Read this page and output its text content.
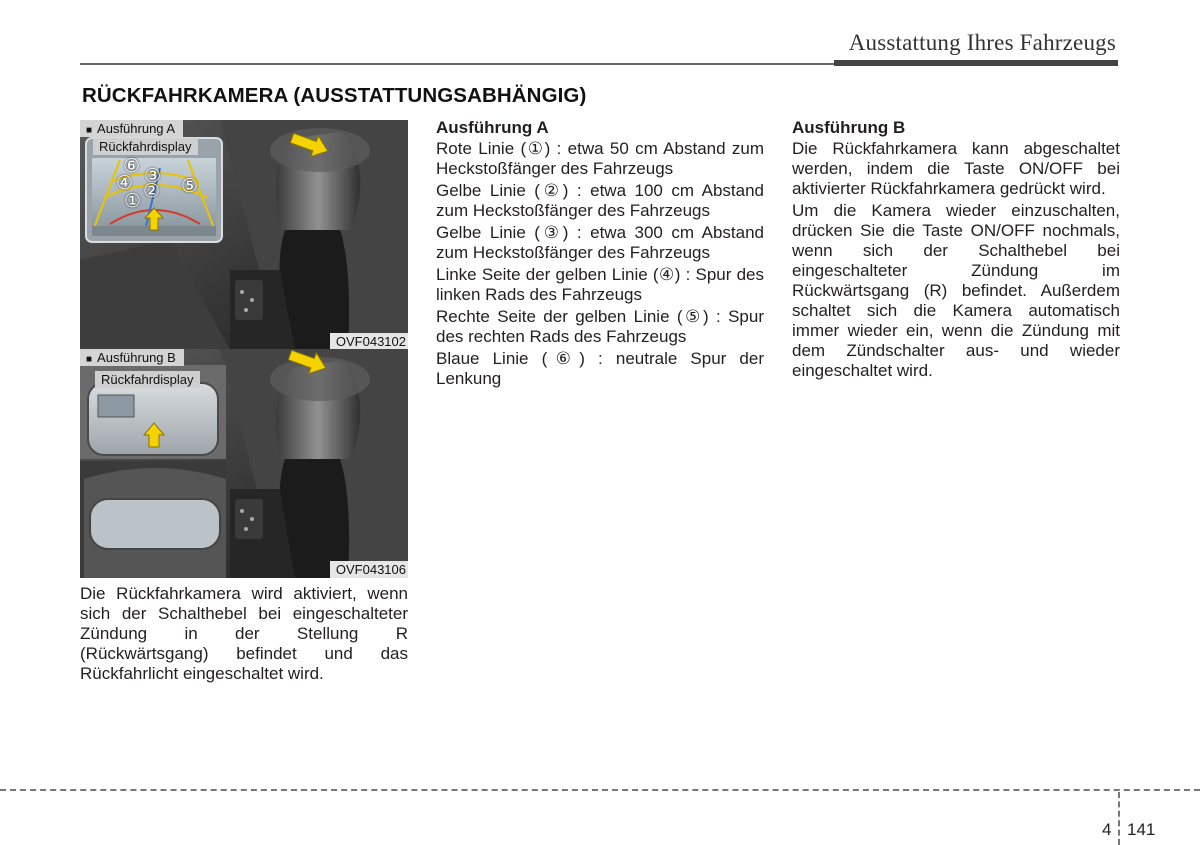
Ausstattung Ihres Fahrzeugs
RÜCKFAHRKAMERA (AUSSTATTUNGSABHÄNGIG)
■ Ausführung A
Rückfahrdisplay
⑥
④ ③
② ⑤
①
OVF043102
■ Ausführung B
Rückfahrdisplay
OVF043106
Die Rückfahrkamera wird aktiviert, wenn sich der Schalthebel bei eingeschalteter Zündung in der Stellung R (Rückwärtsgang) befindet und das Rückfahrlicht eingeschaltet wird.
Ausführung A

Rote Linie (①) : etwa 50 cm Abstand zum Heckstoßfänger des Fahrzeugs

Gelbe Linie (②) : etwa 100 cm Abstand zum Heckstoßfänger des Fahrzeugs

Gelbe Linie (③) : etwa 300 cm Abstand zum Heckstoßfänger des Fahrzeugs

Linke Seite der gelben Linie (④) : Spur des linken Rads des Fahrzeugs

Rechte Seite der gelben Linie (⑤) : Spur des rechten Rads des Fahrzeugs

Blaue Linie (⑥) : neutrale Spur der Lenkung

Ausführung B

Die Rückfahrkamera kann abgeschaltet werden, indem die Taste ON/OFF bei aktivierter Rückfahrkamera gedrückt wird.

Um die Kamera wieder einzuschalten, drücken Sie die Taste ON/OFF nochmals, wenn sich der Schalthebel bei eingeschalteter Zündung im Rückwärtsgang (R) befindet. Außerdem schaltet sich die Kamera automatisch immer wieder ein, wenn die Zündung mit dem Zündschalter aus- und wieder eingeschaltet wird.

4 141
